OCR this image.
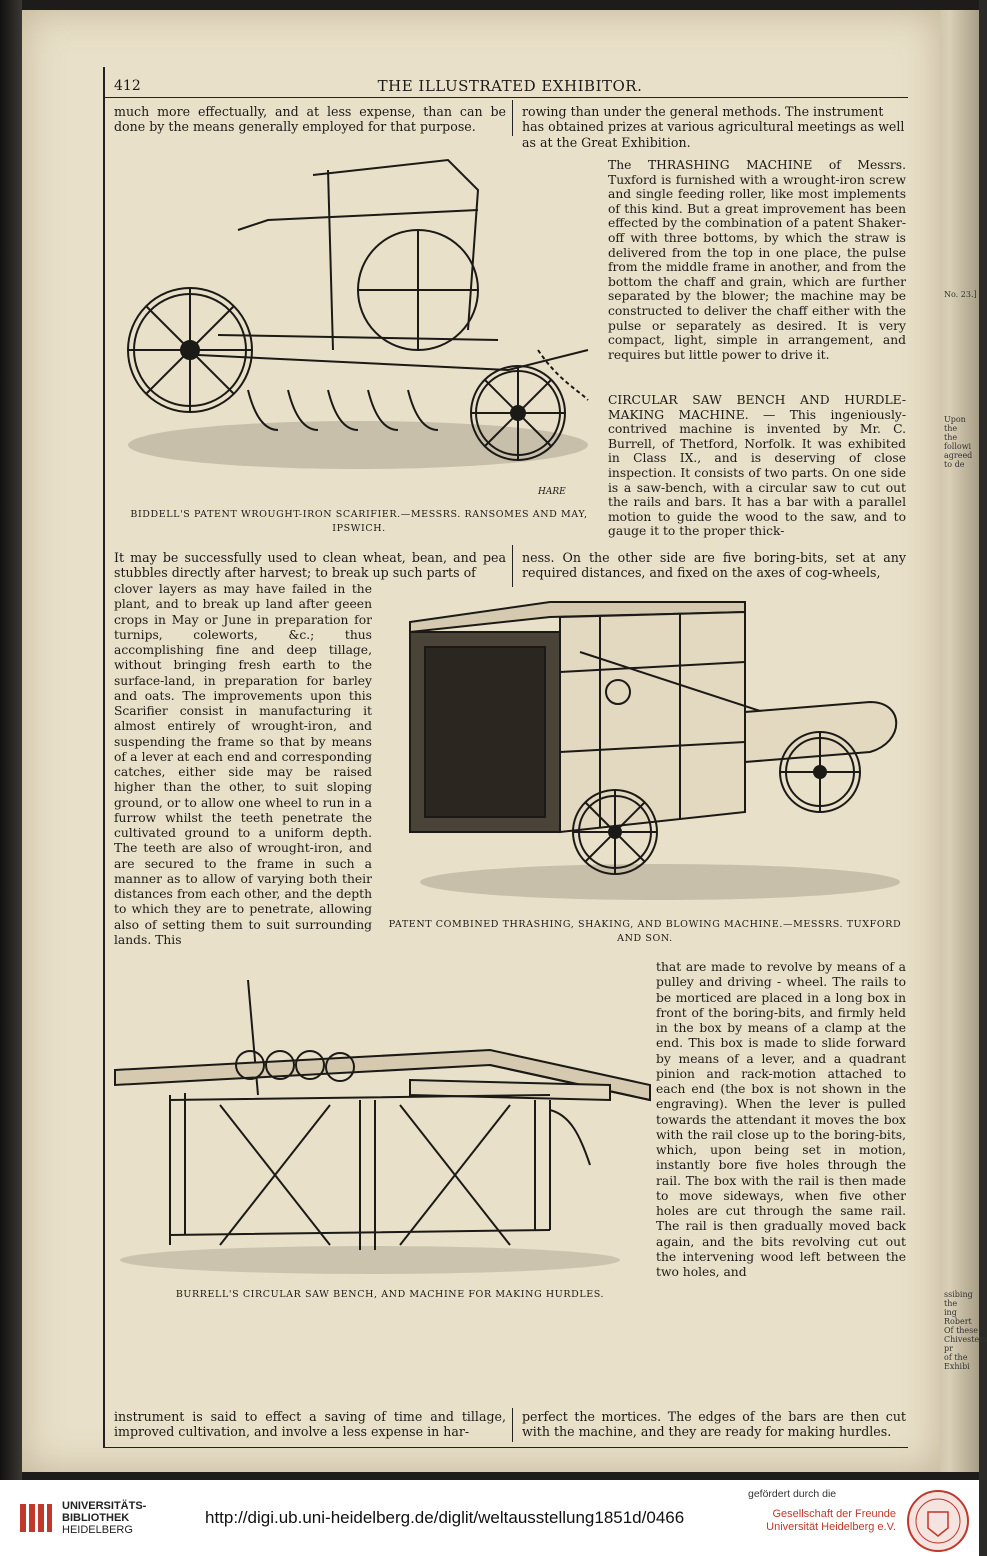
No. 23.]
Upon the
the followi
agreed to de
ssibing the
ing Robert
Of these
Chivesters pr
of the Exhibi
412	THE ILLUSTRATED EXHIBITOR.
much more effectually, and at less expense, than can be done by the means generally employed for that purpose.
rowing than under the general methods. The instrument has obtained prizes at various agricultural meetings as well as at the Great Exhibition.
HARE
The THRASHING MACHINE of Messrs. Tuxford is furnished with a wrought-iron screw and single feeding roller, like most implements of this kind. But a great improvement has been effected by the combination of a patent Shaker-off with three bottoms, by which the straw is delivered from the top in one place, the pulse from the middle frame in another, and from the bottom the chaff and grain, which are further separated by the blower; the machine may be constructed to deliver the chaff either with the pulse or separately as desired. It is very compact, light, simple in arrangement, and requires but little power to drive it.
CIRCULAR SAW BENCH AND HURDLE-MAKING MACHINE. — This ingeniously-contrived machine is invented by Mr. C. Burrell, of Thetford, Norfolk. It was exhibited in Class IX., and is deserving of close inspection. It consists of two parts. On one side is a saw-bench, with a circular saw to cut out the rails and bars. It has a bar with a parallel motion to guide the wood to the saw, and to gauge it to the proper thick-
BIDDELL'S PATENT WROUGHT-IRON SCARIFIER.—MESSRS. RANSOMES AND MAY, IPSWICH.
It may be successfully used to clean wheat, bean, and pea stubbles directly after harvest; to break up such parts of
ness. On the other side are five boring-bits, set at any required distances, and fixed on the axes of cog-wheels,
clover layers as may have failed in the plant, and to break up land after geeen crops in May or June in preparation for turnips, coleworts, &c.; thus accomplishing fine and deep tillage, without bringing fresh earth to the surface-land, in preparation for barley and oats. The improvements upon this Scarifier consist in manufacturing it almost entirely of wrought-iron, and suspending the frame so that by means of a lever at each end and corresponding catches, either side may be raised higher than the other, to suit sloping ground, or to allow one wheel to run in a furrow whilst the teeth penetrate the cultivated ground to a uniform depth. The teeth are also of wrought-iron, and are secured to the frame in such a manner as to allow of varying both their distances from each other, and the depth to which they are to penetrate, allowing also of setting them to suit surrounding lands. This
PATENT COMBINED THRASHING, SHAKING, AND BLOWING MACHINE.—MESSRS. TUXFORD AND SON.
that are made to revolve by means of a pulley and driving - wheel. The rails to be morticed are placed in a long box in front of the boring-bits, and firmly held in the box by means of a clamp at the end. This box is made to slide forward by means of a lever, and a quadrant pinion and rack-motion attached to each end (the box is not shown in the engraving). When the lever is pulled towards the attendant it moves the box with the rail close up to the boring-bits, which, upon being set in motion, instantly bore five holes through the rail. The box with the rail is then made to move sideways, when five other holes are cut through the same rail. The rail is then gradually moved back again, and the bits revolving cut out the intervening wood left between the two holes, and
BURRELL'S CIRCULAR SAW BENCH, AND MACHINE FOR MAKING HURDLES.
instrument is said to effect a saving of time and tillage, improved cultivation, and involve a less expense in har-
perfect the mortices. The edges of the bars are then cut with the machine, and they are ready for making hurdles.
UNIVERSITÄTS-
BIBLIOTHEK
HEIDELBERG
http://digi.ub.uni-heidelberg.de/diglit/weltausstellung1851d/0466
gefördert durch die
Gesellschaft der Freunde
Universität Heidelberg e.V.
